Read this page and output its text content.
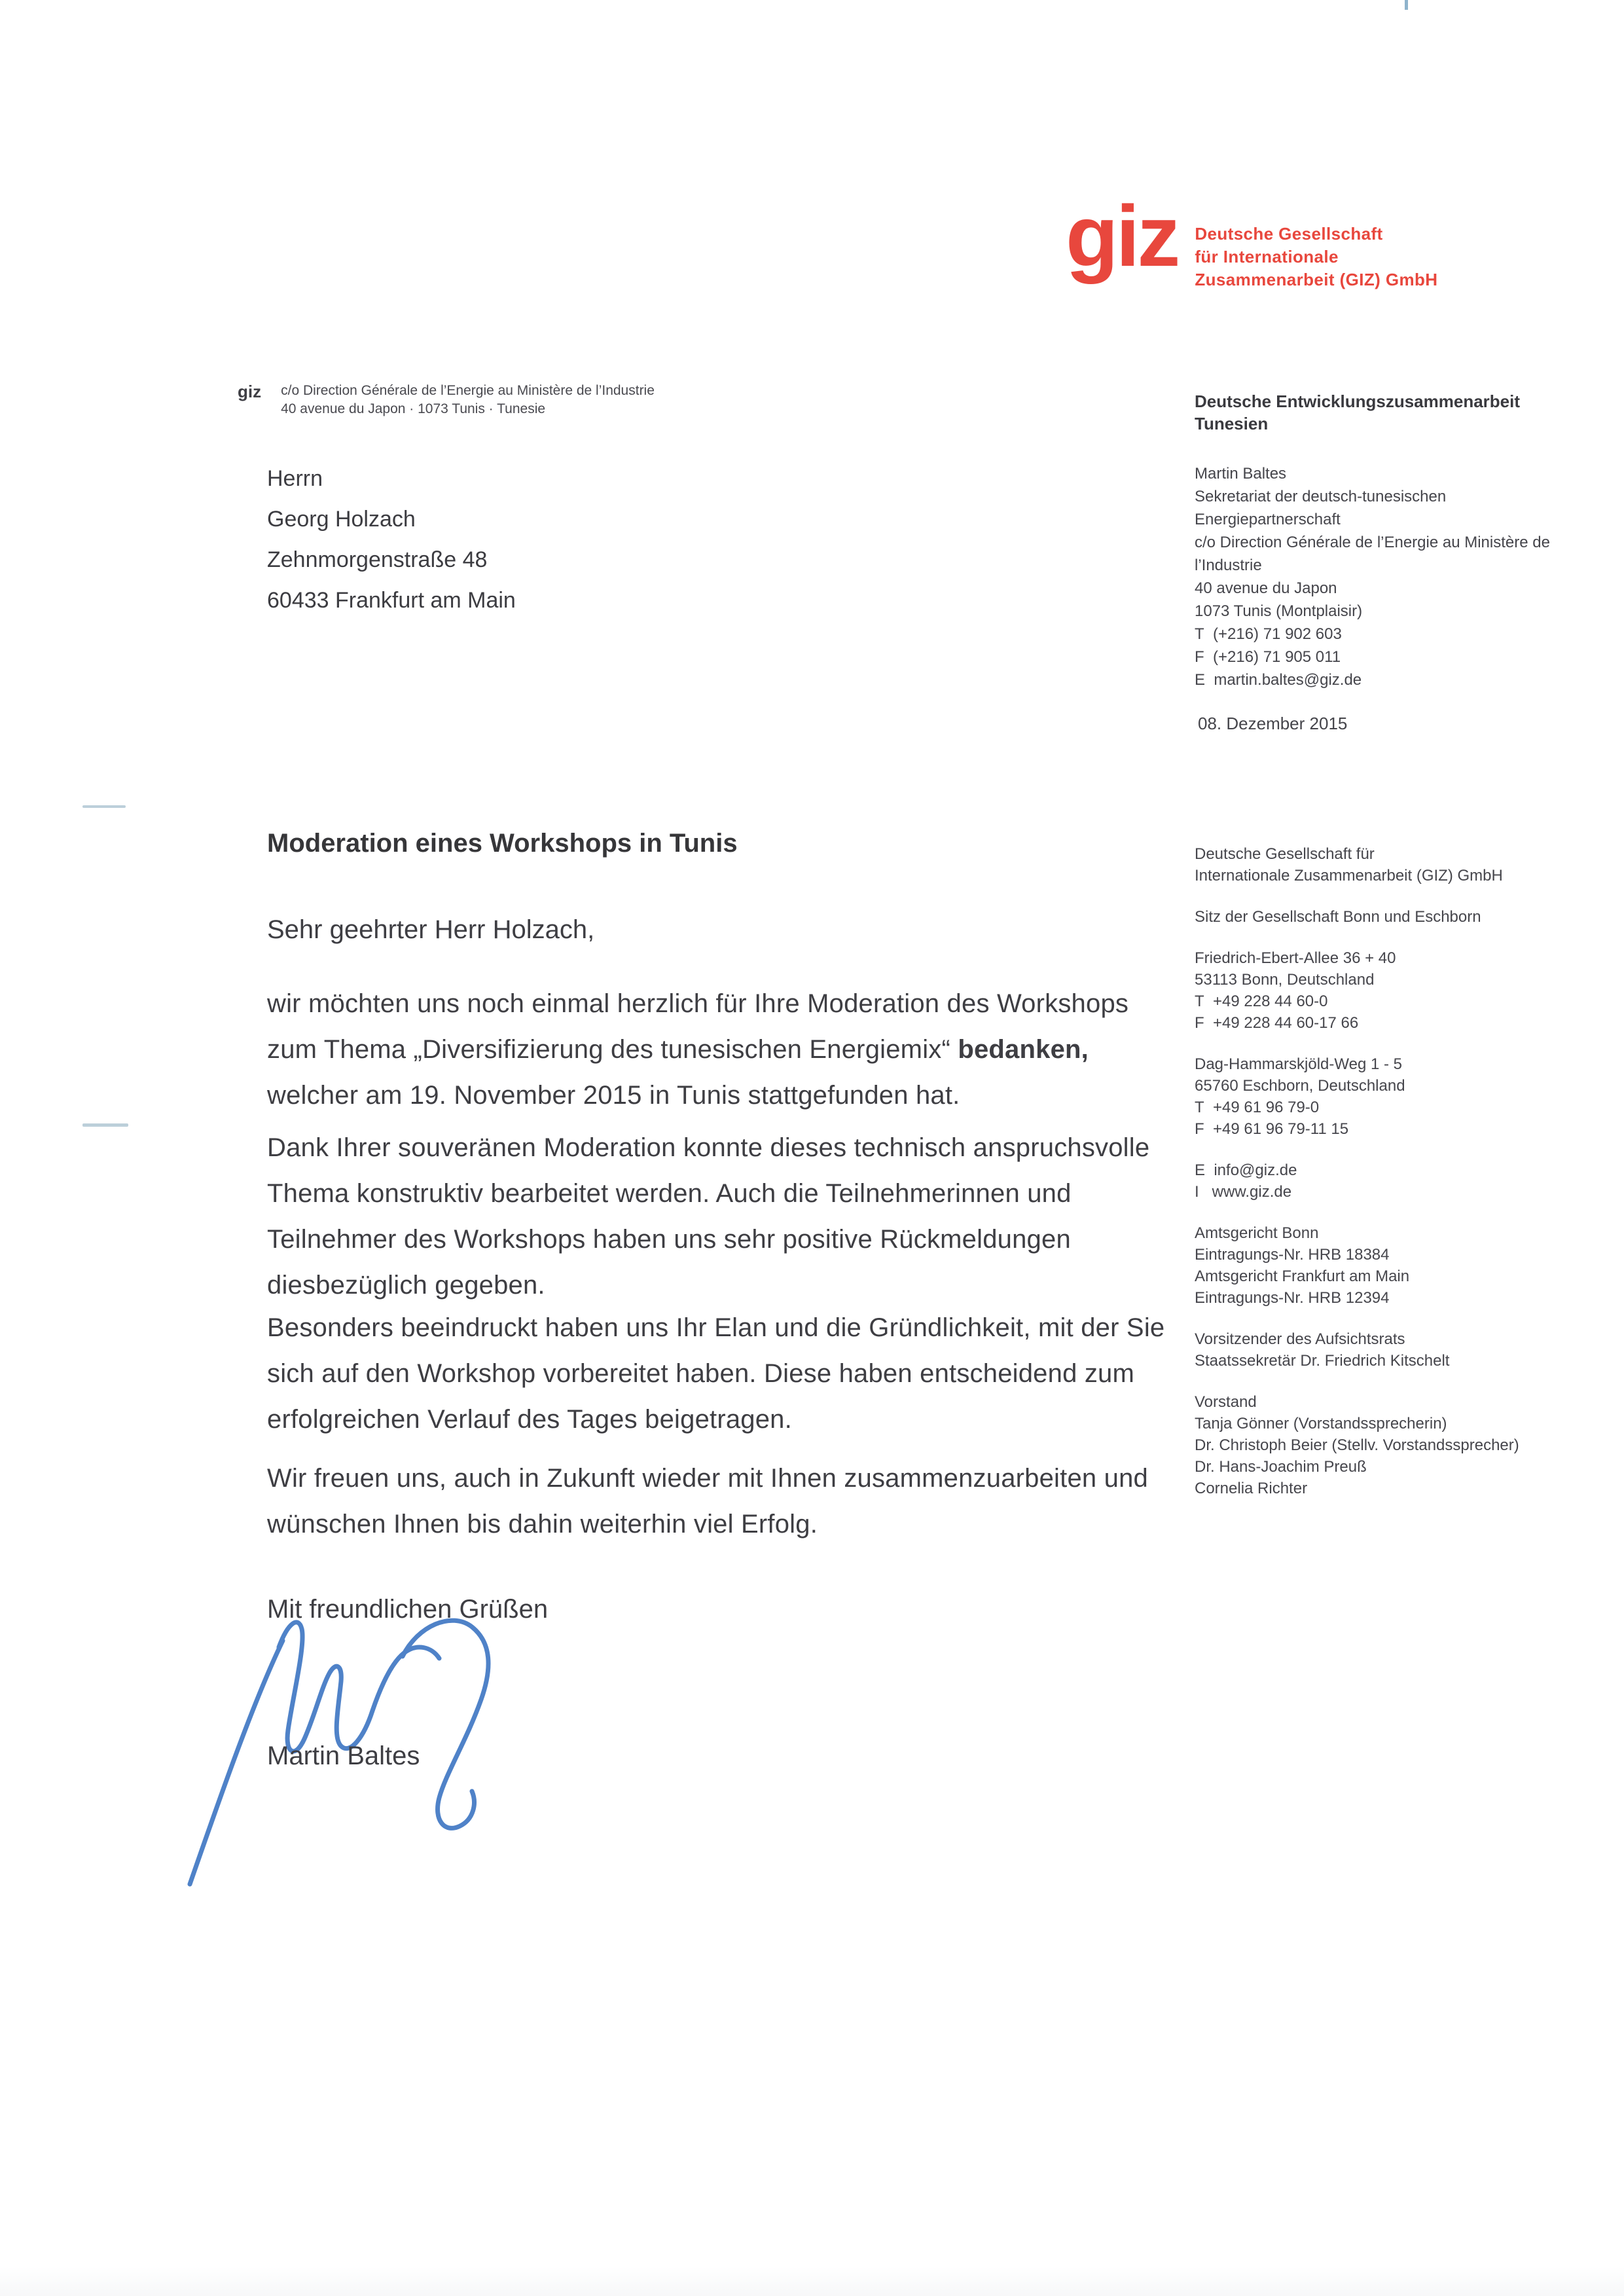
giz Deutsche Gesellschaft
für Internationale
Zusammenarbeit (GIZ) GmbH
giz c/o Direction Générale de l’Energie au Ministère de l’Industrie
40 avenue du Japon · 1073 Tunis · Tunesie
Herrn
Georg Holzach
Zehnmorgenstraße 48
60433 Frankfurt am Main
Deutsche Entwicklungszusammenarbeit
Tunesien
Martin Baltes
Sekretariat der deutsch-tunesischen
Energiepartnerschaft
c/o Direction Générale de l’Energie au Ministère de
l’Industrie
40 avenue du Japon
1073 Tunis (Montplaisir)
T  (+216) 71 902 603
F  (+216) 71 905 011
E  martin.baltes@giz.de
08. Dezember 2015
Moderation eines Workshops in Tunis
Sehr geehrter Herr Holzach,
wir möchten uns noch einmal herzlich für Ihre Moderation des Workshops
zum Thema „Diversifizierung des tunesischen Energiemix“ bedanken,
welcher am 19. November 2015 in Tunis stattgefunden hat.
Dank Ihrer souveränen Moderation konnte dieses technisch anspruchsvolle
Thema konstruktiv bearbeitet werden. Auch die Teilnehmerinnen und
Teilnehmer des Workshops haben uns sehr positive Rückmeldungen
diesbezüglich gegeben.
Besonders beeindruckt haben uns Ihr Elan und die Gründlichkeit, mit der Sie
sich auf den Workshop vorbereitet haben. Diese haben entscheidend zum
erfolgreichen Verlauf des Tages beigetragen.
Wir freuen uns, auch in Zukunft wieder mit Ihnen zusammenzuarbeiten und
wünschen Ihnen bis dahin weiterhin viel Erfolg.
Mit freundlichen Grüßen
Martin Baltes
Deutsche Gesellschaft für
Internationale Zusammenarbeit (GIZ) GmbH
Sitz der Gesellschaft Bonn und Eschborn
Friedrich-Ebert-Allee 36 + 40
53113 Bonn, Deutschland
T  +49 228 44 60-0
F  +49 228 44 60-17 66
Dag-Hammarskjöld-Weg 1 - 5
65760 Eschborn, Deutschland
T  +49 61 96 79-0
F  +49 61 96 79-11 15
E  info@giz.de
I   www.giz.de
Amtsgericht Bonn
Eintragungs-Nr. HRB 18384
Amtsgericht Frankfurt am Main
Eintragungs-Nr. HRB 12394
Vorsitzender des Aufsichtsrats
Staatssekretär Dr. Friedrich Kitschelt
Vorstand
Tanja Gönner (Vorstandssprecherin)
Dr. Christoph Beier (Stellv. Vorstandssprecher)
Dr. Hans-Joachim Preuß
Cornelia Richter
